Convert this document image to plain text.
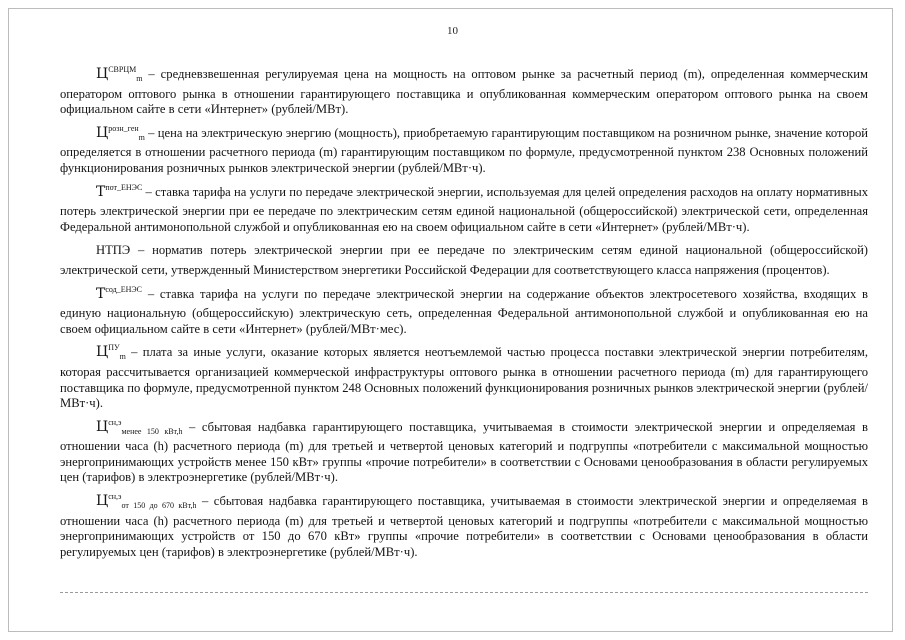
10

$Ц^{СВРЦМ}_m$ – средневзвешенная регулируемая цена на мощность на оптовом рынке за расчетный период (m), определенная коммерческим оператором оптового рынка в отношении гарантирующего поставщика и опубликованная коммерческим оператором оптового рынка на своем официальном сайте в сети «Интернет» (рублей/МВт).

$Ц^{розн\_ген}_m$ – цена на электрическую энергию (мощность), приобретаемую гарантирующим поставщиком на розничном рынке, значение которой определяется в отношении расчетного периода (m) гарантирующим поставщиком по формуле, предусмотренной пунктом 238 Основных положений функционирования розничных рынков электрической энергии (рублей/МВт·ч).

$Т^{пот\_ЕНЭС}$ – ставка тарифа на услуги по передаче электрической энергии, используемая для целей определения расходов на оплату нормативных потерь электрической энергии при ее передаче по электрическим сетям единой национальной (общероссийской) электрической сети, определенная Федеральной антимонопольной службой и опубликованная ею на своем официальном сайте в сети «Интернет» (рублей/МВт·ч).

НТПЭ – норматив потерь электрической энергии при ее передаче по электрическим сетям единой национальной (общероссийской) электрической сети, утвержденный Министерством энергетики Российской Федерации для соответствующего класса напряжения (процентов).

$Т^{сод\_ЕНЭС}$ – ставка тарифа на услуги по передаче электрической энергии на содержание объектов электросетевого хозяйства, входящих в единую национальную (общероссийскую) электрическую сеть, определенная Федеральной антимонопольной службой и опубликованная ею на своем официальном сайте в сети «Интернет» (рублей/МВт·мес).

$Ц^{ПУ}_m$ – плата за иные услуги, оказание которых является неотъемлемой частью процесса поставки электрической энергии потребителям, которая рассчитывается организацией коммерческой инфраструктуры оптового рынка в отношении расчетного периода (m) для гарантирующего поставщика по формуле, предусмотренной пунктом 248 Основных положений функционирования розничных рынков электрической энергии (рублей/МВт·ч).

$Ц^{сн,э}_{менее 150 кВт,h}$ – сбытовая надбавка гарантирующего поставщика, учитываемая в стоимости электрической энергии и определяемая в отношении часа (h) расчетного периода (m) для третьей и четвертой ценовых категорий и подгруппы «потребители с максимальной мощностью энергопринимающих устройств менее 150 кВт» группы «прочие потребители» в соответствии с Основами ценообразования в области регулируемых цен (тарифов) в электроэнергетике (рублей/МВт·ч).

$Ц^{сн,э}_{от 150 до 670 кВт,h}$ – сбытовая надбавка гарантирующего поставщика, учитываемая в стоимости электрической энергии и определяемая в отношении часа (h) расчетного периода (m) для третьей и четвертой ценовых категорий и подгруппы «потребители с максимальной мощностью энергопринимающих устройств от 150 до 670 кВт» группы «прочие потребители» в соответствии с Основами ценообразования в области регулируемых цен (тарифов) в электроэнергетике (рублей/МВт·ч).
